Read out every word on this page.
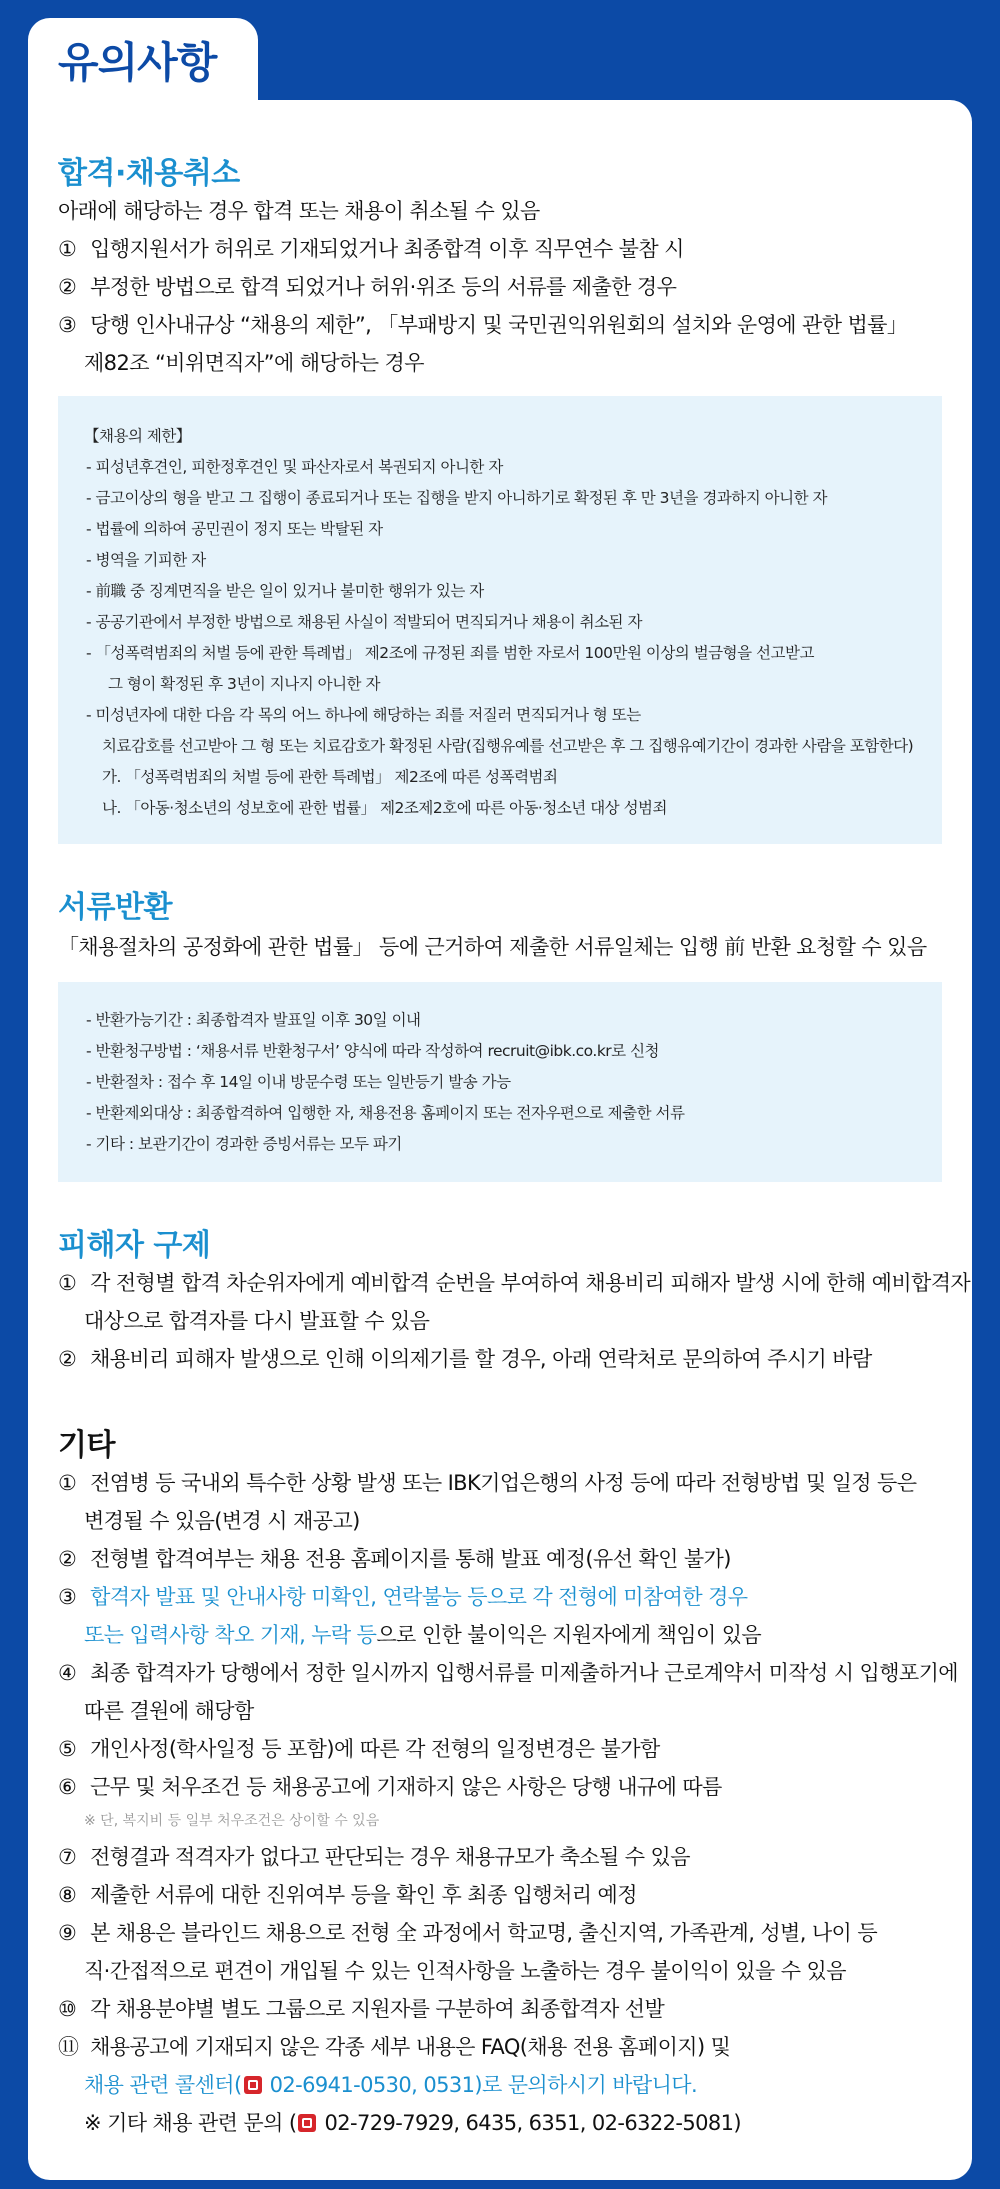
유의사항
합격·채용취소
아래에 해당하는 경우 합격 또는 채용이 취소될 수 있음
① 입행지원서가 허위로 기재되었거나 최종합격 이후 직무연수 불참 시
② 부정한 방법으로 합격 되었거나 허위·위조 등의 서류를 제출한 경우
③ 당행 인사내규상 “채용의 제한”, 「부패방지 및 국민권익위원회의 설치와 운영에 관한 법률」
제82조 “비위면직자”에 해당하는 경우
【채용의 제한】
- 피성년후견인, 피한정후견인 및 파산자로서 복권되지 아니한 자
- 금고이상의 형을 받고 그 집행이 종료되거나 또는 집행을 받지 아니하기로 확정된 후 만 3년을 경과하지 아니한 자
- 법률에 의하여 공민권이 정지 또는 박탈된 자
- 병역을 기피한 자
- 前職 중 징계면직을 받은 일이 있거나 불미한 행위가 있는 자
- 공공기관에서 부정한 방법으로 채용된 사실이 적발되어 면직되거나 채용이 취소된 자
- 「성폭력범죄의 처벌 등에 관한 특례법」 제2조에 규정된 죄를 범한 자로서 100만원 이상의 벌금형을 선고받고
그 형이 확정된 후 3년이 지나지 아니한 자
- 미성년자에 대한 다음 각 목의 어느 하나에 해당하는 죄를 저질러 면직되거나 형 또는
치료감호를 선고받아 그 형 또는 치료감호가 확정된 사람(집행유예를 선고받은 후 그 집행유예기간이 경과한 사람을 포함한다)
가. 「성폭력범죄의 처벌 등에 관한 특례법」 제2조에 따른 성폭력범죄
나. 「아동·청소년의 성보호에 관한 법률」 제2조제2호에 따른 아동·청소년 대상 성범죄
서류반환
「채용절차의 공정화에 관한 법률」 등에 근거하여 제출한 서류일체는 입행 前 반환 요청할 수 있음
- 반환가능기간 : 최종합격자 발표일 이후 30일 이내
- 반환청구방법 : ‘채용서류 반환청구서’ 양식에 따라 작성하여 recruit@ibk.co.kr로 신청
- 반환절차 : 접수 후 14일 이내 방문수령 또는 일반등기 발송 가능
- 반환제외대상 : 최종합격하여 입행한 자, 채용전용 홈페이지 또는 전자우편으로 제출한 서류
- 기타 : 보관기간이 경과한 증빙서류는 모두 파기
피해자 구제
① 각 전형별 합격 차순위자에게 예비합격 순번을 부여하여 채용비리 피해자 발생 시에 한해 예비합격자
대상으로 합격자를 다시 발표할 수 있음
② 채용비리 피해자 발생으로 인해 이의제기를 할 경우, 아래 연락처로 문의하여 주시기 바람
기타
① 전염병 등 국내외 특수한 상황 발생 또는 IBK기업은행의 사정 등에 따라 전형방법 및 일정 등은
변경될 수 있음(변경 시 재공고)
② 전형별 합격여부는 채용 전용 홈페이지를 통해 발표 예정(유선 확인 불가)
③ 합격자 발표 및 안내사항 미확인, 연락불능 등으로 각 전형에 미참여한 경우
또는 입력사항 착오 기재, 누락 등으로 인한 불이익은 지원자에게 책임이 있음
④ 최종 합격자가 당행에서 정한 일시까지 입행서류를 미제출하거나 근로계약서 미작성 시 입행포기에
따른 결원에 해당함
⑤ 개인사정(학사일정 등 포함)에 따른 각 전형의 일정변경은 불가함
⑥ 근무 및 처우조건 등 채용공고에 기재하지 않은 사항은 당행 내규에 따름
※ 단, 복지비 등 일부 처우조건은 상이할 수 있음
⑦ 전형결과 적격자가 없다고 판단되는 경우 채용규모가 축소될 수 있음
⑧ 제출한 서류에 대한 진위여부 등을 확인 후 최종 입행처리 예정
⑨ 본 채용은 블라인드 채용으로 전형 全 과정에서 학교명, 출신지역, 가족관계, 성별, 나이 등
직·간접적으로 편견이 개입될 수 있는 인적사항을 노출하는 경우 불이익이 있을 수 있음
⑩ 각 채용분야별 별도 그룹으로 지원자를 구분하여 최종합격자 선발
⑪ 채용공고에 기재되지 않은 각종 세부 내용은 FAQ(채용 전용 홈페이지) 및
채용 관련 콜센터( 02-6941-0530, 0531)로 문의하시기 바랍니다.
※ 기타 채용 관련 문의 ( 02-729-7929, 6435, 6351, 02-6322-5081)
